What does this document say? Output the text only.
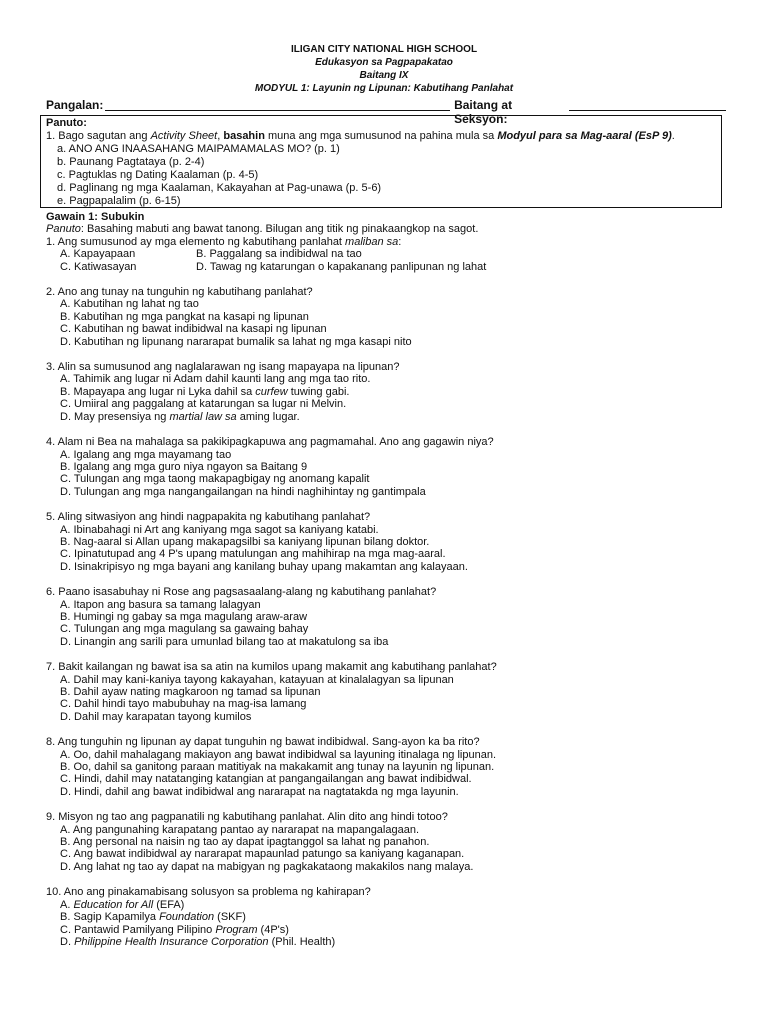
ILIGAN CITY NATIONAL HIGH SCHOOL
Edukasyon sa Pagpapakatao
Baitang IX
MODYUL 1: Layunin ng Lipunan: Kabutihang Panlahat
Pangalan:	Baitang at Seksyon:
Panuto:
1. Bago sagutan ang Activity Sheet, basahin muna ang mga sumusunod na pahina mula sa Modyul para sa Mag-aaral (EsP 9).
a. ANO ANG INAASAHANG MAIPAMAMALAS MO? (p. 1)
b. Paunang Pagtataya (p. 2-4)
c. Pagtuklas ng Dating Kaalaman (p. 4-5)
d. Paglinang ng mga Kaalaman, Kakayahan at Pag-unawa (p. 5-6)
e. Pagpapalalim (p. 6-15)
Gawain 1: Subukin
Panuto: Basahing mabuti ang bawat tanong. Bilugan ang titik ng pinakaangkop na sagot.
1. Ang sumusunod ay mga elemento ng kabutihang panlahat maliban sa:
A. Kapayapaan	B. Paggalang sa indibidwal na tao
C. Katiwasayan	D. Tawag ng katarungan o kapakanang panlipunan ng lahat
2. Ano ang tunay na tunguhin ng kabutihang panlahat?
A. Kabutihan ng lahat ng tao
B. Kabutihan ng mga pangkat na kasapi ng lipunan
C. Kabutihan ng bawat indibidwal na kasapi ng lipunan
D. Kabutihan ng lipunang nararapat bumalik sa lahat ng mga kasapi nito
3. Alin sa sumusunod ang naglalarawan ng isang mapayapa na lipunan?
A. Tahimik ang lugar ni Adam dahil kaunti lang ang mga tao rito.
B. Mapayapa ang lugar ni Lyka dahil sa curfew tuwing gabi.
C. Umiiral ang paggalang at katarungan sa lugar ni Melvin.
D. May presensiya ng martial law sa aming lugar.
4. Alam ni Bea na mahalaga sa pakikipagkapuwa ang pagmamahal. Ano ang gagawin niya?
A. Igalang ang mga mayamang tao
B. Igalang ang mga guro niya ngayon sa Baitang 9
C. Tulungan ang mga taong makapagbigay ng anomang kapalit
D. Tulungan ang mga nangangailangan na hindi naghihintay ng gantimpala
5. Aling sitwasiyon ang hindi nagpapakita ng kabutihang panlahat?
A. Ibinabahagi ni Art ang kaniyang mga sagot sa kaniyang katabi.
B. Nag-aaral si Allan upang makapagsilbi sa kaniyang lipunan bilang doktor.
C. Ipinatutupad ang 4 P's upang matulungan ang mahihirap na mga mag-aaral.
D. Isinakripisyo ng mga bayani ang kanilang buhay upang makamtan ang kalayaan.
6. Paano isasabuhay ni Rose ang pagsasaalang-alang ng kabutihang panlahat?
A. Itapon ang basura sa tamang lalagyan
B. Humingi ng gabay sa mga magulang araw-araw
C. Tulungan ang mga magulang sa gawaing bahay
D. Linangin ang sarili para umunlad bilang tao at makatulong sa iba
7. Bakit kailangan ng bawat isa sa atin na kumilos upang makamit ang kabutihang panlahat?
A. Dahil may kani-kaniya tayong kakayahan, katayuan at kinalalagyan sa lipunan
B. Dahil ayaw nating magkaroon ng tamad sa lipunan
C. Dahil hindi tayo mabubuhay na mag-isa lamang
D. Dahil may karapatan tayong kumilos
8. Ang tunguhin ng lipunan ay dapat tunguhin ng bawat indibidwal. Sang-ayon ka ba rito?
A. Oo, dahil mahalagang makiayon ang bawat indibidwal sa layuning itinalaga ng lipunan.
B. Oo, dahil sa ganitong paraan matitiyak na makakamit ang tunay na layunin ng lipunan.
C. Hindi, dahil may natatanging katangian at pangangailangan ang bawat indibidwal.
D. Hindi, dahil ang bawat indibidwal ang nararapat na nagtatakda ng mga layunin.
9. Misyon ng tao ang pagpanatili ng kabutihang panlahat. Alin dito ang hindi totoo?
A. Ang pangunahing karapatang pantao ay nararapat na mapangalagaan.
B. Ang personal na naisin ng tao ay dapat ipagtanggol sa lahat ng panahon.
C. Ang bawat indibidwal ay nararapat mapaunlad patungo sa kaniyang kaganapan.
D. Ang lahat ng tao ay dapat na mabigyan ng pagkakataong makakilos nang malaya.
10. Ano ang pinakamabisang solusyon sa problema ng kahirapan?
A. Education for All (EFA)
B. Sagip Kapamilya Foundation (SKF)
C. Pantawid Pamilyang Pilipino Program (4P's)
D. Philippine Health Insurance Corporation (Phil. Health)
